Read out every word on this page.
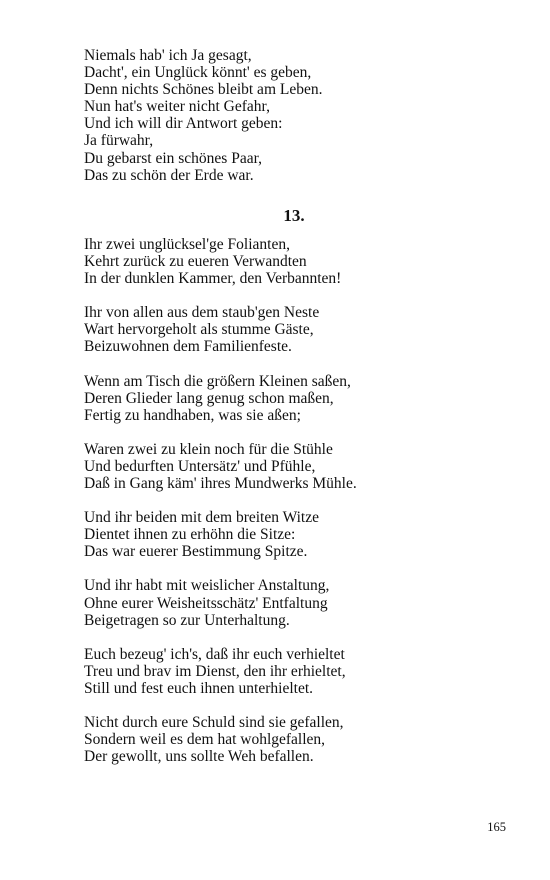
Niemals hab' ich Ja gesagt,
Dacht', ein Unglück könnt' es geben,
Denn nichts Schönes bleibt am Leben.
Nun hat's weiter nicht Gefahr,
Und ich will dir Antwort geben:
Ja fürwahr,
Du gebarst ein schönes Paar,
Das zu schön der Erde war.
13.
Ihr zwei unglücksel'ge Folianten,
Kehrt zurück zu eueren Verwandten
In der dunklen Kammer, den Verbannten!
Ihr von allen aus dem staub'gen Neste
Wart hervorgeholt als stumme Gäste,
Beizuwohnen dem Familienfeste.
Wenn am Tisch die größern Kleinen saßen,
Deren Glieder lang genug schon maßen,
Fertig zu handhaben, was sie aßen;
Waren zwei zu klein noch für die Stühle
Und bedurften Untersätz' und Pfühle,
Daß in Gang käm' ihres Mundwerks Mühle.
Und ihr beiden mit dem breiten Witze
Dientet ihnen zu erhöhn die Sitze:
Das war euerer Bestimmung Spitze.
Und ihr habt mit weislicher Anstaltung,
Ohne eurer Weisheitsschätz' Entfaltung
Beigetragen so zur Unterhaltung.
Euch bezeug' ich's, daß ihr euch verhieltet
Treu und brav im Dienst, den ihr erhieltet,
Still und fest euch ihnen unterhieltet.
Nicht durch eure Schuld sind sie gefallen,
Sondern weil es dem hat wohlgefallen,
Der gewollt, uns sollte Weh befallen.
165
